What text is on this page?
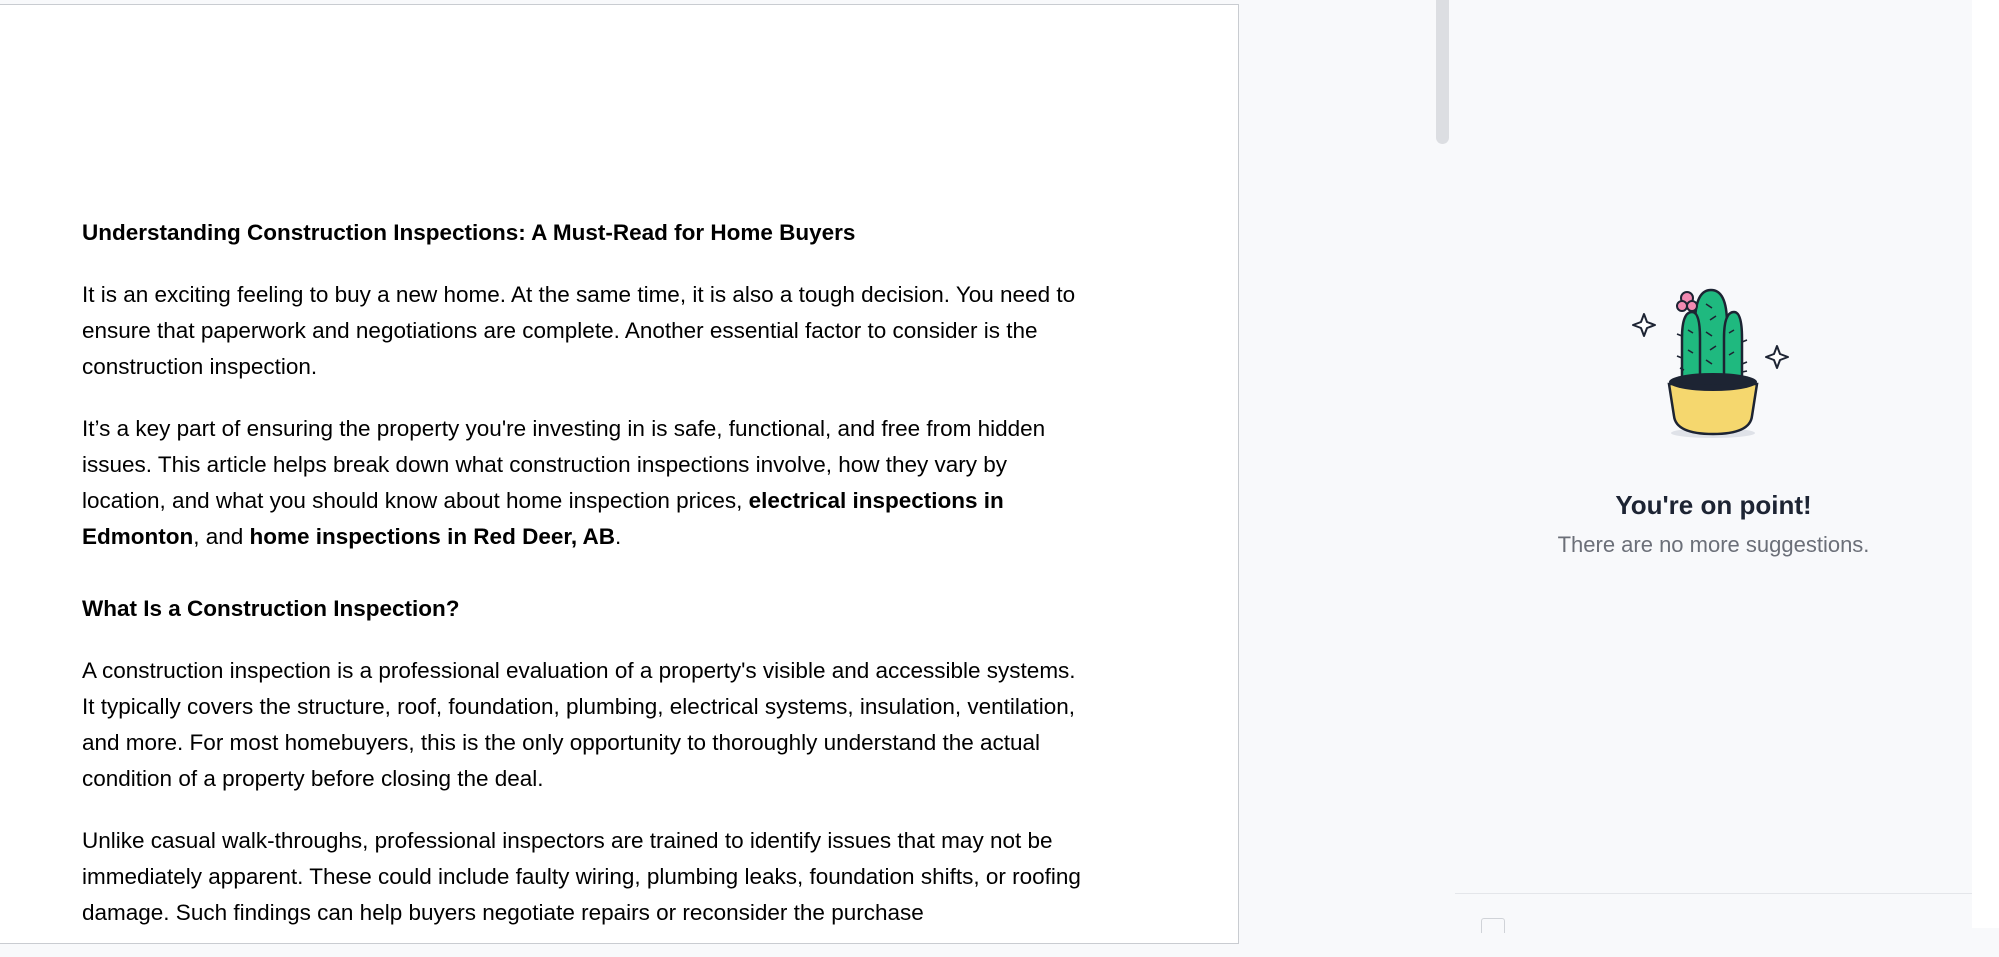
Understanding Construction Inspections: A Must-Read for Home Buyers

It is an exciting feeling to buy a new home. At the same time, it is also a tough decision. You need to ensure that paperwork and negotiations are complete. Another essential factor to consider is the construction inspection.

It’s a key part of ensuring the property you're investing in is safe, functional, and free from hidden issues. This article helps break down what construction inspections involve, how they vary by location, and what you should know about home inspection prices, electrical inspections in Edmonton, and home inspections in Red Deer, AB.

What Is a Construction Inspection?

A construction inspection is a professional evaluation of a property's visible and accessible systems. It typically covers the structure, roof, foundation, plumbing, electrical systems, insulation, ventilation, and more. For most homebuyers, this is the only opportunity to thoroughly understand the actual condition of a property before closing the deal.

Unlike casual walk-throughs, professional inspectors are trained to identify issues that may not be immediately apparent. These could include faulty wiring, plumbing leaks, foundation shifts, or roofing damage. Such findings can help buyers negotiate repairs or reconsider the purchase

You're on point!
There are no more suggestions.
